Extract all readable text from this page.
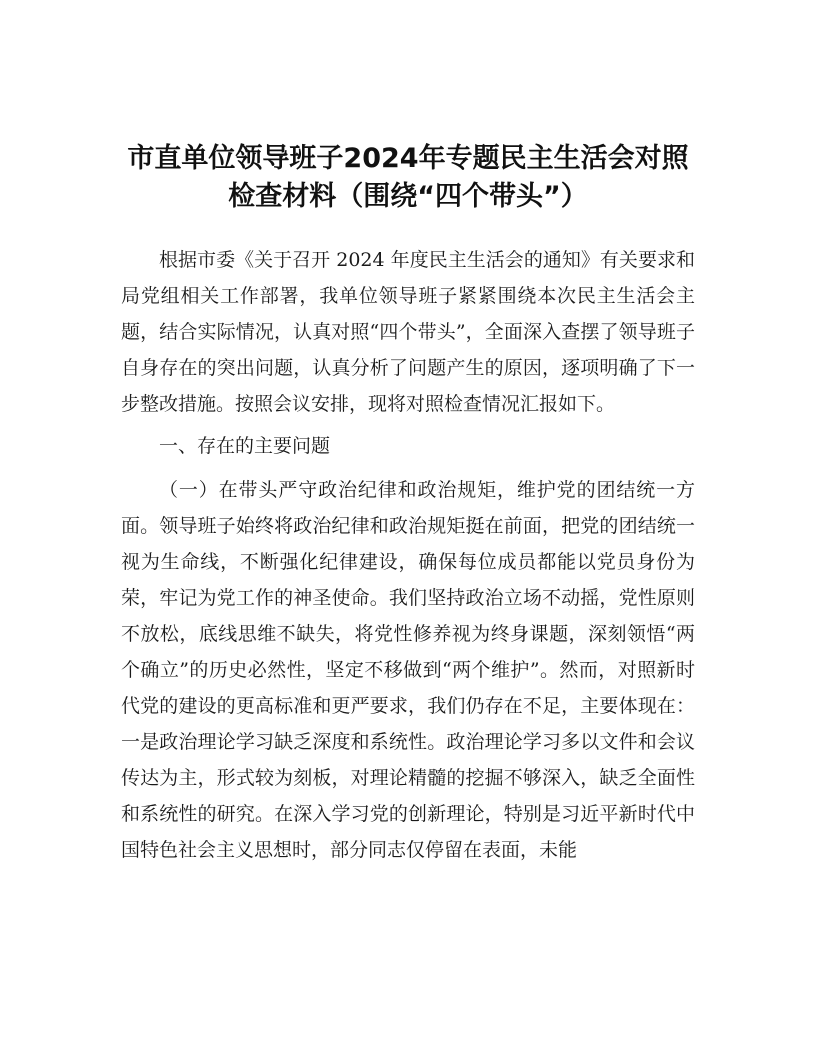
市直单位领导班子2024年专题民主生活会对照
检查材料（围绕“四个带头”）

根据市委《关于召开 2024 年度民主生活会的通知》有关要求和局党组相关工作部署，我单位领导班子紧紧围绕本次民主生活会主题，结合实际情况，认真对照“四个带头”，全面深入查摆了领导班子自身存在的突出问题，认真分析了问题产生的原因，逐项明确了下一步整改措施。按照会议安排，现将对照检查情况汇报如下。

一、存在的主要问题

（一）在带头严守政治纪律和政治规矩，维护党的团结统一方面。领导班子始终将政治纪律和政治规矩挺在前面，把党的团结统一视为生命线，不断强化纪律建设，确保每位成员都能以党员身份为荣，牢记为党工作的神圣使命。我们坚持政治立场不动摇，党性原则不放松，底线思维不缺失，将党性修养视为终身课题，深刻领悟“两个确立”的历史必然性，坚定不移做到“两个维护”。然而，对照新时代党的建设的更高标准和更严要求，我们仍存在不足，主要体现在：一是政治理论学习缺乏深度和系统性。政治理论学习多以文件和会议传达为主，形式较为刻板，对理论精髓的挖掘不够深入，缺乏全面性和系统性的研究。在深入学习党的创新理论，特别是习近平新时代中国特色社会主义思想时，部分同志仅停留在表面，未能
